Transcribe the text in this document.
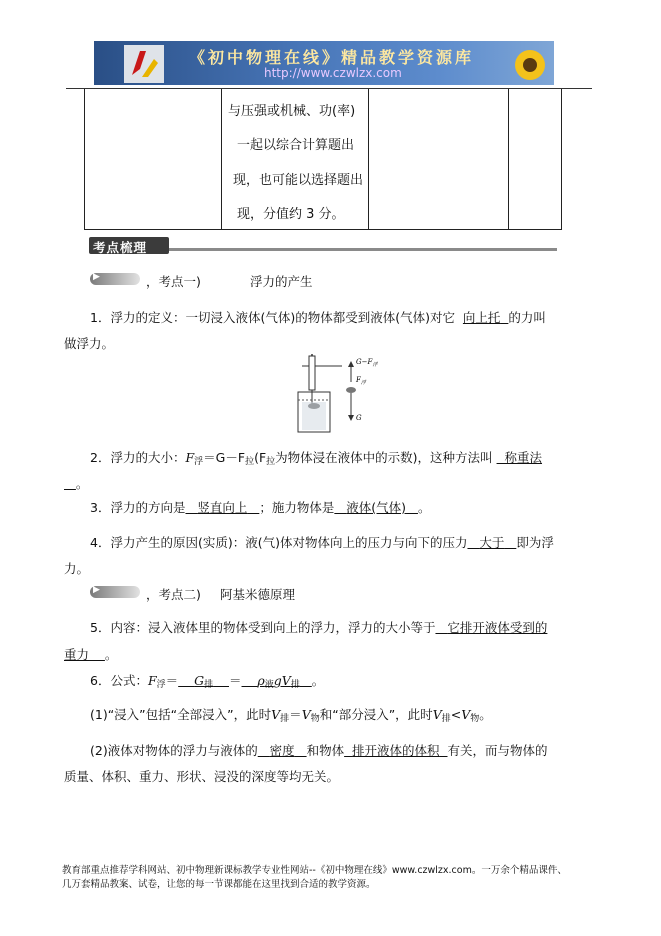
《初中物理在线》精品教学资源库
http://www.czwlzx.com
与压强或机械、功(率)
一起以综合计算题出
现，也可能以选择题出
现，分值约 3 分。
考点梳理
▶
，考点一)	浮力的产生
1．浮力的定义：一切浸入液体(气体)的物体都受到液体(气体)对它 向上托 的力叫
做浮力。
$G-F_浮$
$F_浮$
G
2．浮力的大小：$F_浮=G-F_拉(F_拉$为物体浸在液体中的示数)，这种方法叫 称重法
。
3．浮力的方向是 竖直向上 ；施力物体是 液体(气体) 。
4．浮力产生的原因(实质)：液(气)体对物体向上的压力与向下的压力 大于 即为浮
力。
▶
，考点二) 阿基米德原理
5．内容：浸入液体里的物体受到向上的浮力，浮力的大小等于 它排开液体受到的
重力 。
6．公式：$F_浮= G_排 = \rho_液gV_排$ 。
(1)“浸入”包括“全部浸入”，此时$V_排=V_物$和“部分浸入”，此时$V_排<V_物$。
(2)液体对物体的浮力与液体的 密度 和物体 排开液体的体积 有关，而与物体的
质量、体积、重力、形状、浸没的深度等均无关。
教育部重点推荐学科网站、初中物理新课标教学专业性网站--《初中物理在线》www.czwlzx.com。一万余个精品课件、
几万套精品教案、试卷，让您的每一节课都能在这里找到合适的教学资源。
